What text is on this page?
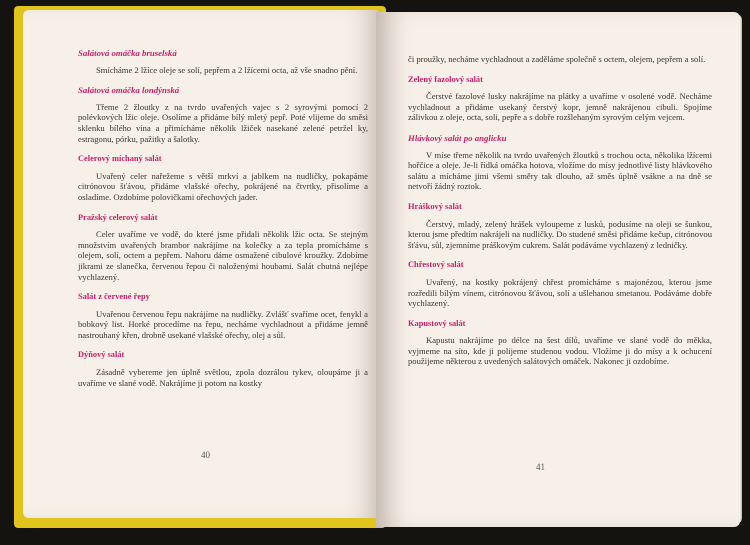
Salátová omáčka bruselská

Smícháme 2 lžíce oleje se solí, pepřem a 2 lžícemi octa, až vše snadno pění.

Salátová omáčka londýnská

Třeme 2 žloutky z na tvrdo uvařených vajec s 2 syrovými pomocí 2 polévkových lžic oleje. Osolíme a přidáme bílý mletý pepř. Poté vlijeme do směsi sklenku bílého vína a přimícháme několik lžiček nasekané zelené petržel ky, estragonu, pórku, pažitky a šalotky.

Celerový míchaný salát

Uvařený celer nařežeme s větší mrkví a jablkem na nudličky, pokapáme citrónovou šťávou, přidáme vlašské ořechy, pokrájené na čtvrtky, přisolíme a osladíme. Ozdobíme polovičkami ořechových jader.

Pražský celerový salát

Celer uvaříme ve vodě, do které jsme přidali několik lžic octa. Se stejným množstvím uvařených brambor nakrájíme na kolečky a za tepla promícháme s olejem, solí, octem a pepřem. Nahoru dáme osmažené cibulové kroužky. Zdobíme jikrami ze slanečka, červenou řepou či naloženými houbami. Salát chutná nejlépe vychlazený.

Salát z červené řepy

Uvařenou červenou řepu nakrájíme na nudličky. Zvlášť svaříme ocet, fenykl a bobkový list. Horké procedíme na řepu, necháme vychladnout a přidáme jemně nastrouhaný křen, drobně usekané vlašské ořechy, olej a sůl.

Dýňový salát

Zásadně vybereme jen úplně světlou, zpola dozrálou tykev, oloupáme ji a uvaříme ve slané vodě. Nakrájíme ji potom na kostky

40

či proužky, necháme vychladnout a zaděláme společně s octem, olejem, pepřem a solí.

Zelený fazolový salát

Čerstvé fazolové lusky nakrájíme na plátky a uvaříme v osolené vodě. Necháme vychladnout a přidáme usekaný čerstvý kopr, jemně nakrájenou cibuli. Spojíme zálivkou z oleje, octa, soli, pepře a s dobře rozšlehaným syrovým celým vejcem.

Hlávkový salát po anglicku

V míse třeme několik na tvrdo uvařených žloutků s trochou octa, několika lžícemi hořčice a oleje. Je-li řídká omáčka hotova, vložíme do mísy jednotlivé listy hlávkového salátu a mícháme jimi všemi směry tak dlouho, až směs úplně vsákne a na dně se netvoří žádný roztok.

Hráškový salát

Čerstvý, mladý, zelený hrášek vyloupeme z lusků, podusíme na oleji se šunkou, kterou jsme předtím nakrájeli na nudličky. Do studené směsi přidáme kečup, citrónovou šťávu, sůl, zjemníme práškovým cukrem. Salát podáváme vychlazený z ledničky.

Chřestový salát

Uvařený, na kostky pokrájený chřest promícháme s majonézou, kterou jsme rozředili bílým vínem, citrónovou šťávou, solí a ušlehanou smetanou. Podáváme dobře vychlazený.

Kapustový salát

Kapustu nakrájíme po délce na šest dílů, uvaříme ve slané vodě do měkka, vyjmeme na síto, kde ji polijeme studenou vodou. Vložíme ji do mísy a k ochucení použijeme některou z uvedených salátových omáček. Nakonec ji ozdobíme.

41
